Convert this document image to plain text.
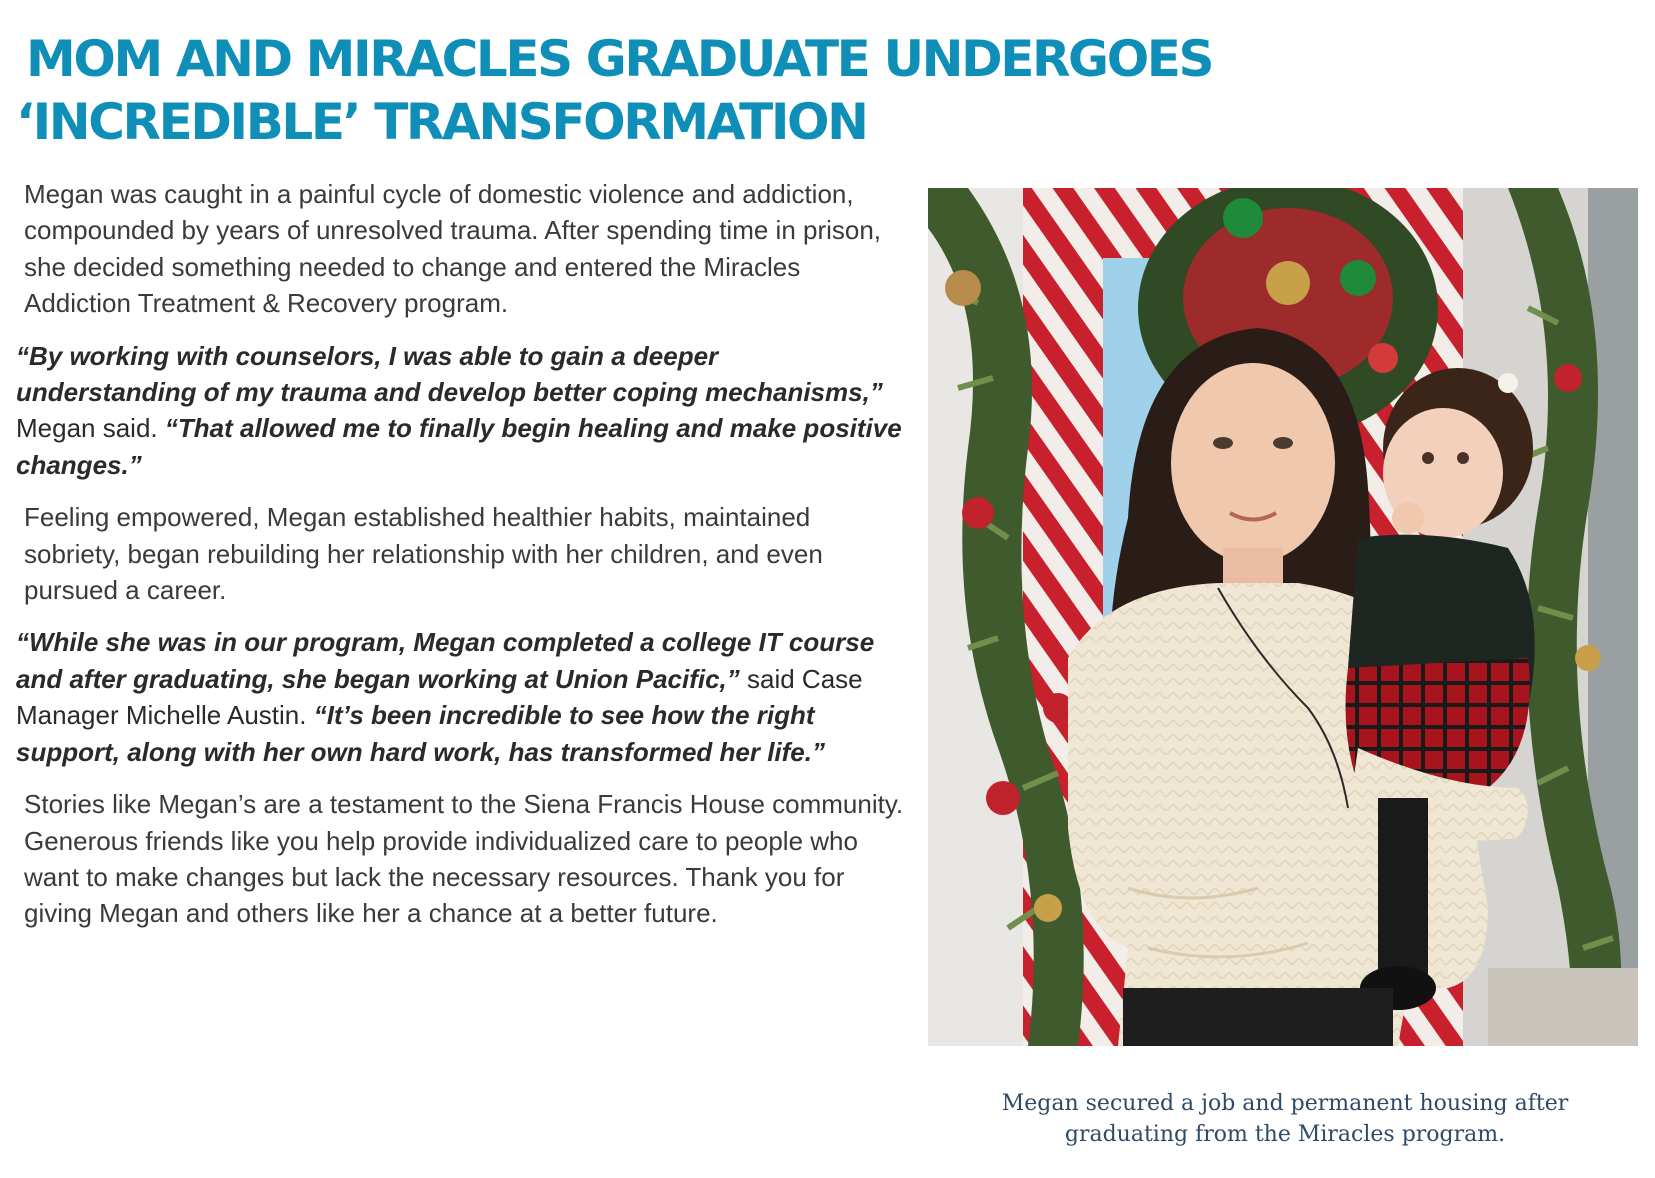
MOM AND MIRACLES GRADUATE UNDERGOES
‘INCREDIBLE’ TRANSFORMATION

Megan was caught in a painful cycle of domestic violence and addiction, compounded by years of unresolved trauma. After spending time in prison, she decided something needed to change and entered the Miracles Addiction Treatment & Recovery program.

“By working with counselors, I was able to gain a deeper understanding of my trauma and develop better coping mechanisms,” Megan said. “That allowed me to finally begin healing and make positive changes.”

Feeling empowered, Megan established healthier habits, maintained sobriety, began rebuilding her relationship with her children, and even pursued a career.

“While she was in our program, Megan completed a college IT course and after graduating, she began working at Union Pacific,” said Case Manager Michelle Austin. “It’s been incredible to see how the right support, along with her own hard work, has transformed her life.”

Stories like Megan’s are a testament to the Siena Francis House community. Generous friends like you help provide individualized care to people who want to make changes but lack the necessary resources. Thank you for giving Megan and others like her a chance at a better future.

Megan secured a job and permanent housing after
graduating from the Miracles program.
